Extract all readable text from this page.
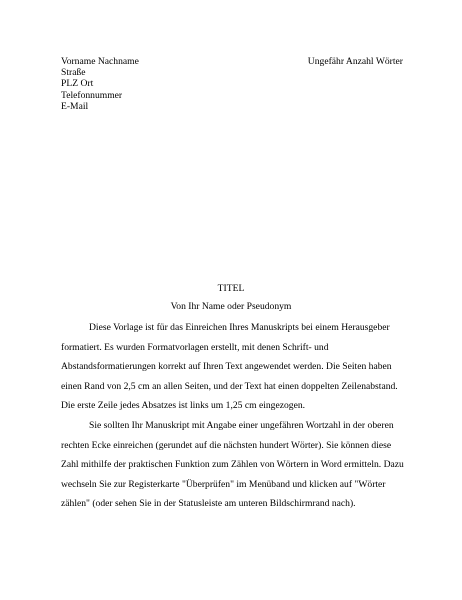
Vorname Nachname
Straße
PLZ Ort
Telefonnummer
E-Mail
Ungefähr Anzahl Wörter
TITEL
Von Ihr Name oder Pseudonym

Diese Vorlage ist für das Einreichen Ihres Manuskripts bei einem Herausgeber formatiert. Es wurden Formatvorlagen erstellt, mit denen Schrift- und Abstandsformatierungen korrekt auf Ihren Text angewendet werden. Die Seiten haben einen Rand von 2,5 cm an allen Seiten, und der Text hat einen doppelten Zeilenabstand. Die erste Zeile jedes Absatzes ist links um 1,25 cm eingezogen.

Sie sollten Ihr Manuskript mit Angabe einer ungefähren Wortzahl in der oberen rechten Ecke einreichen (gerundet auf die nächsten hundert Wörter). Sie können diese Zahl mithilfe der praktischen Funktion zum Zählen von Wörtern in Word ermitteln. Dazu wechseln Sie zur Registerkarte "Überprüfen" im Menüband und klicken auf "Wörter zählen" (oder sehen Sie in der Statusleiste am unteren Bildschirmrand nach).
